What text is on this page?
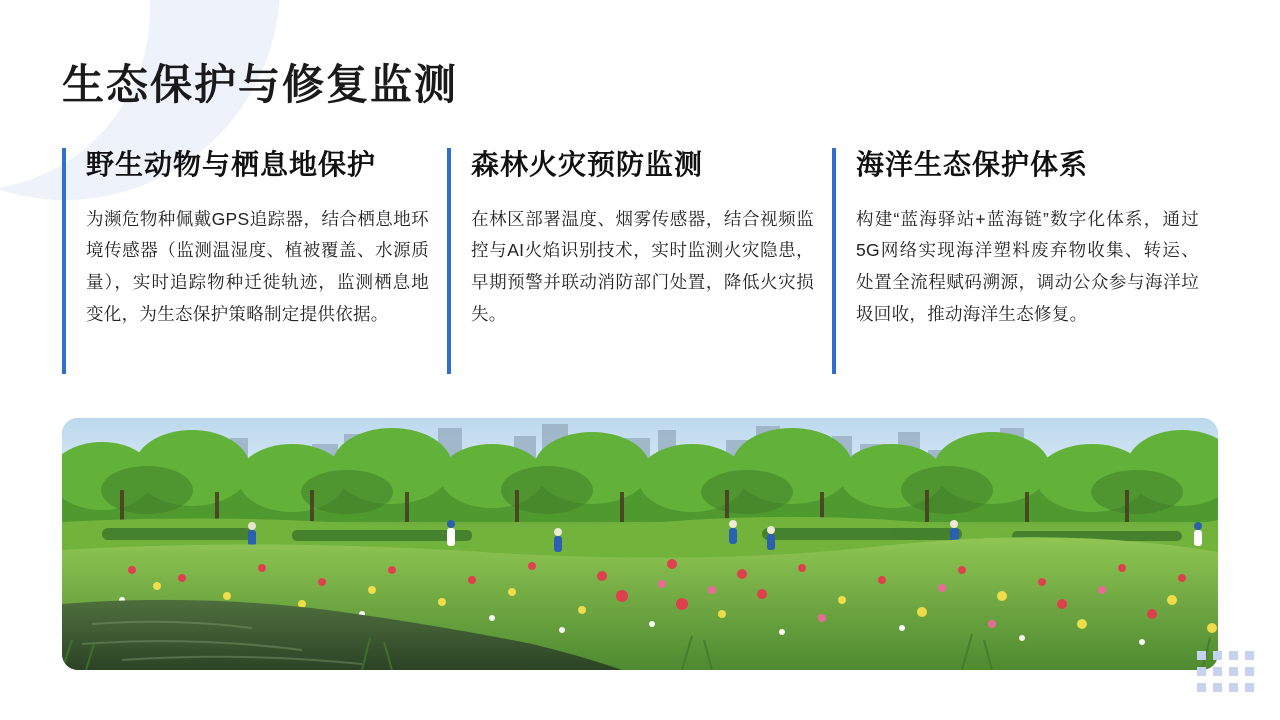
生态保护与修复监测
野生动物与栖息地保护

为濒危物种佩戴GPS追踪器，结合栖息地环境传感器（监测温湿度、植被覆盖、水源质量），实时追踪物种迁徙轨迹，监测栖息地变化，为生态保护策略制定提供依据。

森林火灾预防监测

在林区部署温度、烟雾传感器，结合视频监控与AI火焰识别技术，实时监测火灾隐患，早期预警并联动消防部门处置，降低火灾损失。

海洋生态保护体系

构建“蓝海驿站+蓝海链”数字化体系，通过5G网络实现海洋塑料废弃物收集、转运、处置全流程赋码溯源，调动公众参与海洋垃圾回收，推动海洋生态修复。
